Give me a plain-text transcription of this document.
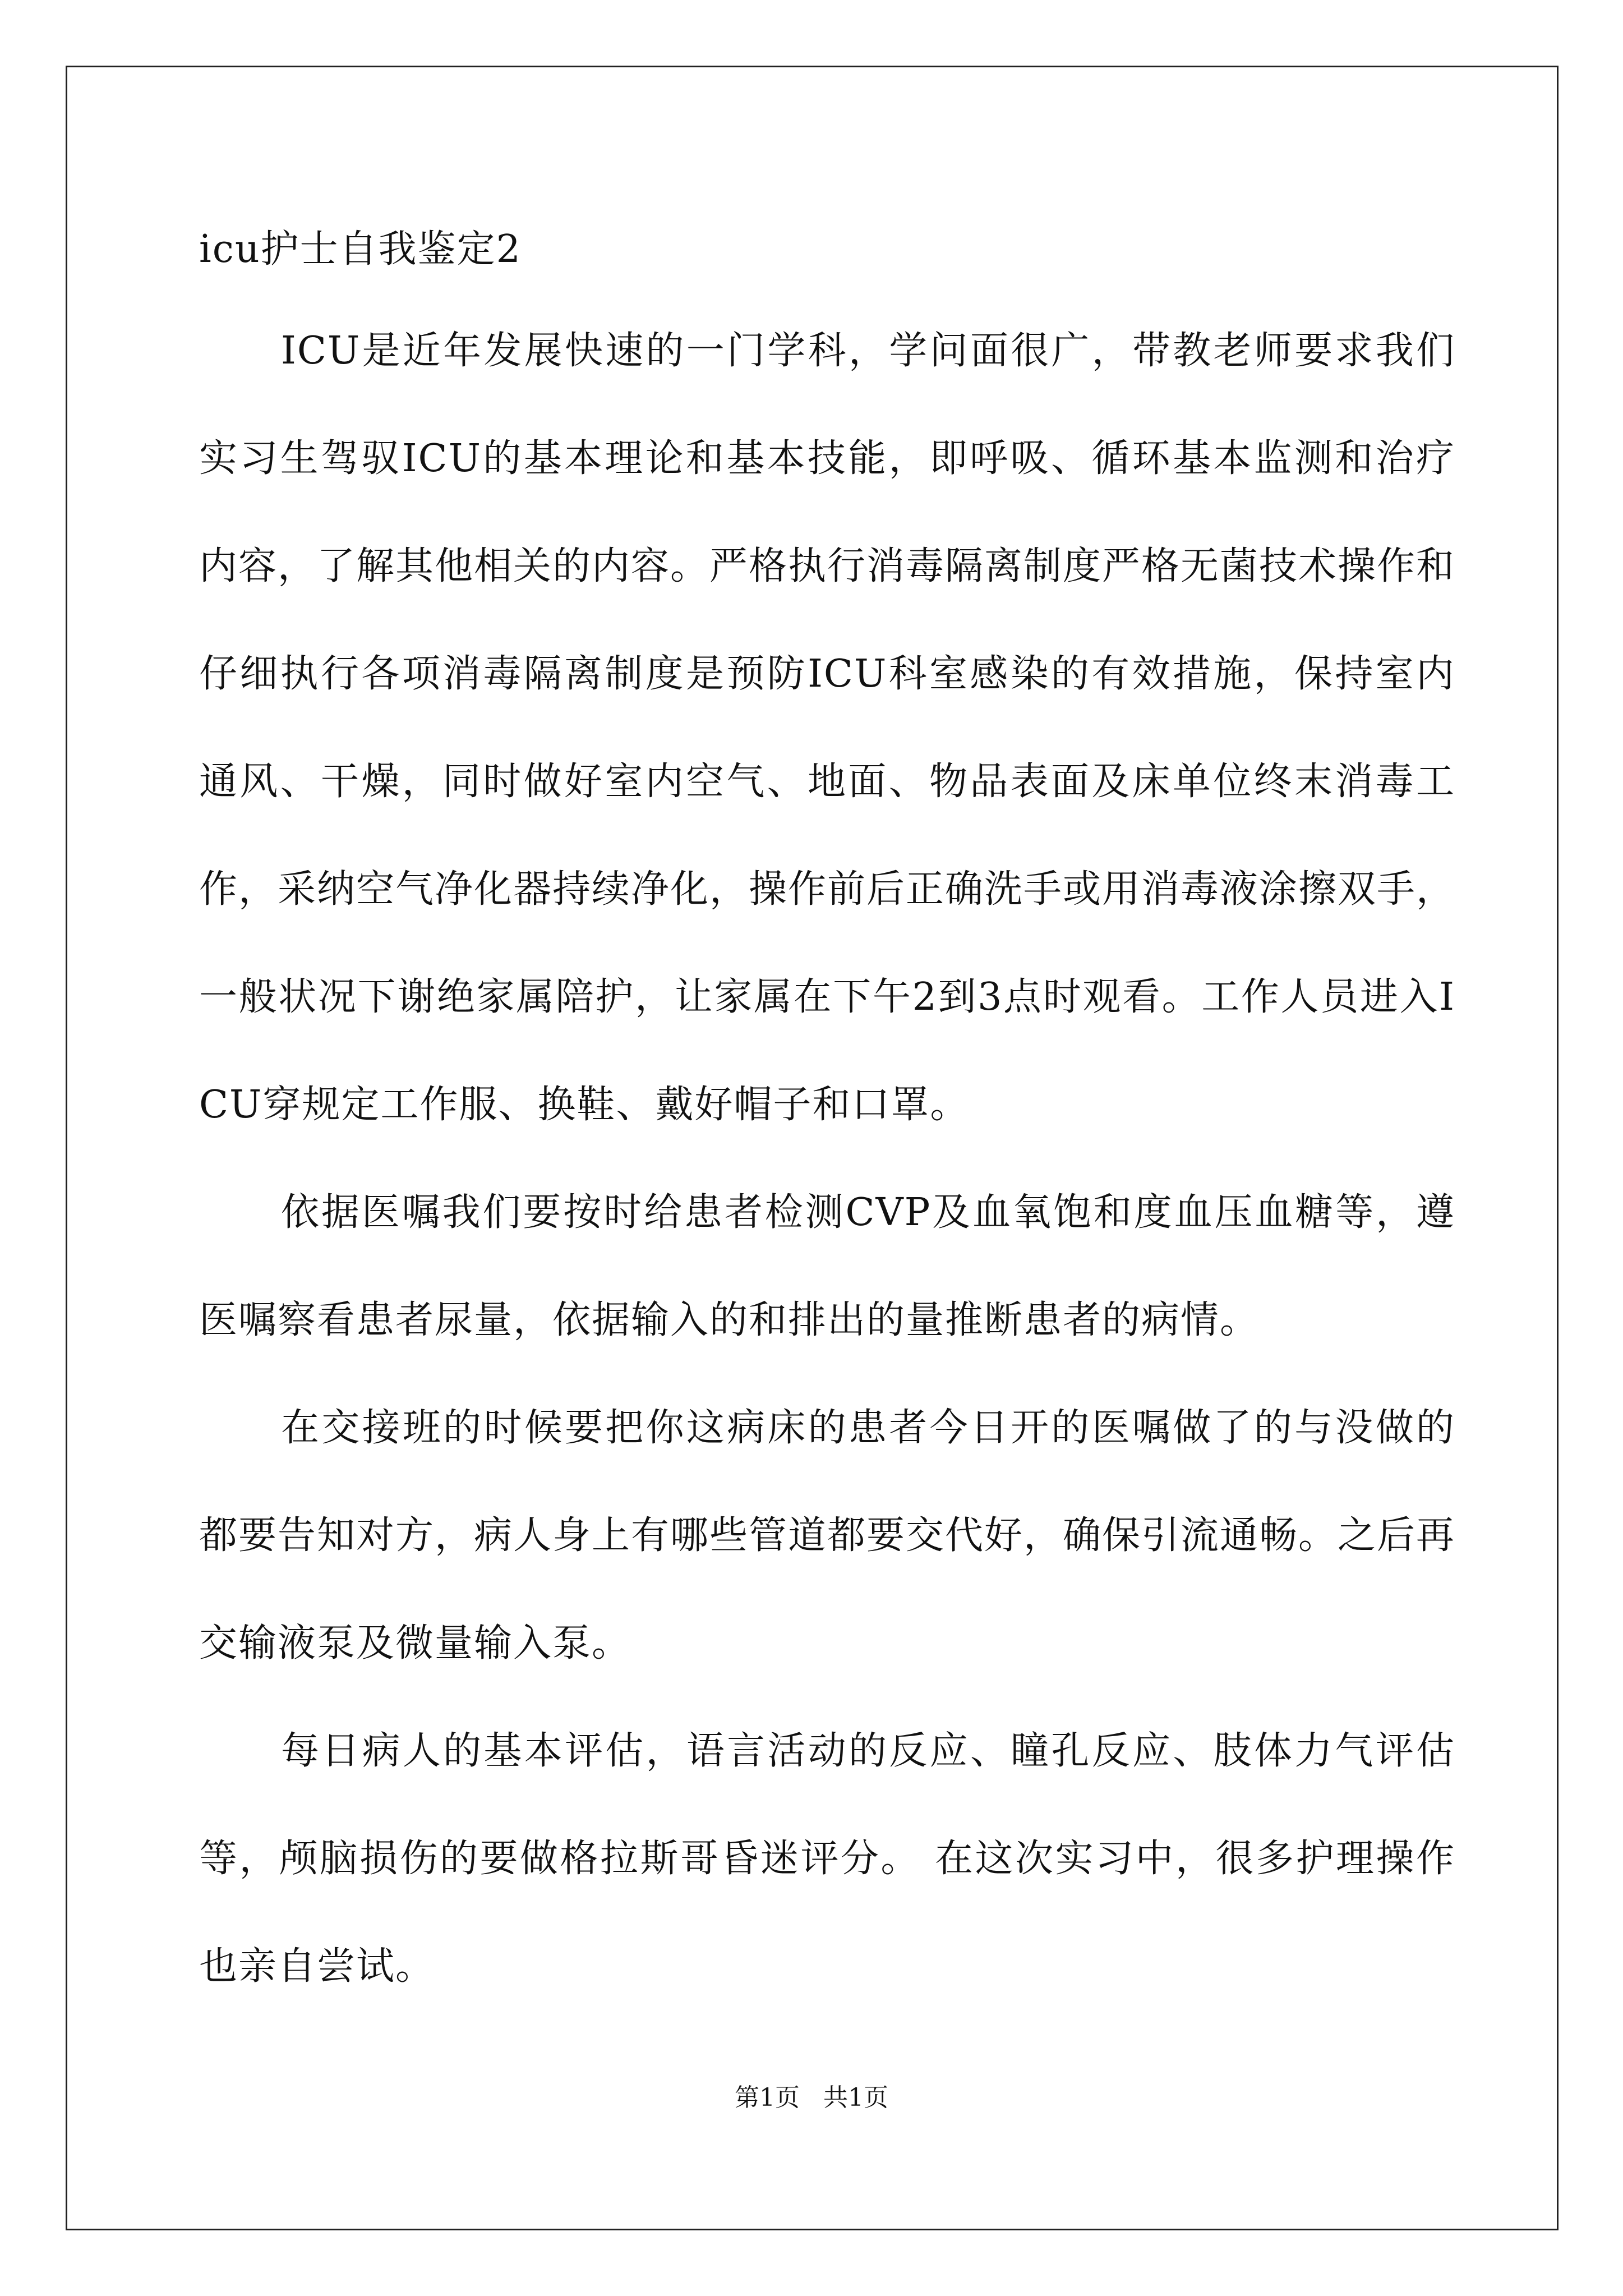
icu护士自我鉴定2

ICU是近年发展快速的一门学科，学问面很广，带教老师要求我们实习生驾驭ICU的基本理论和基本技能，即呼吸、循环基本监测和治疗内容，了解其他相关的内容。严格执行消毒隔离制度严格无菌技术操作和仔细执行各项消毒隔离制度是预防ICU科室感染的有效措施，保持室内通风、干燥，同时做好室内空气、地面、物品表面及床单位终末消毒工作，采纳空气净化器持续净化，操作前后正确洗手或用消毒液涂擦双手，一般状况下谢绝家属陪护，让家属在下午2到3点时观看。工作人员进入ICU穿规定工作服、换鞋、戴好帽子和口罩。

依据医嘱我们要按时给患者检测CVP及血氧饱和度血压血糖等，遵医嘱察看患者尿量，依据输入的和排出的量推断患者的病情。

在交接班的时候要把你这病床的患者今日开的医嘱做了的与没做的都要告知对方，病人身上有哪些管道都要交代好，确保引流通畅。之后再交输液泵及微量输入泵。

每日病人的基本评估，语言活动的反应、瞳孔反应、肢体力气评估等，颅脑损伤的要做格拉斯哥昏迷评分。 在这次实习中，很多护理操作也亲自尝试。

第1页   共1页
